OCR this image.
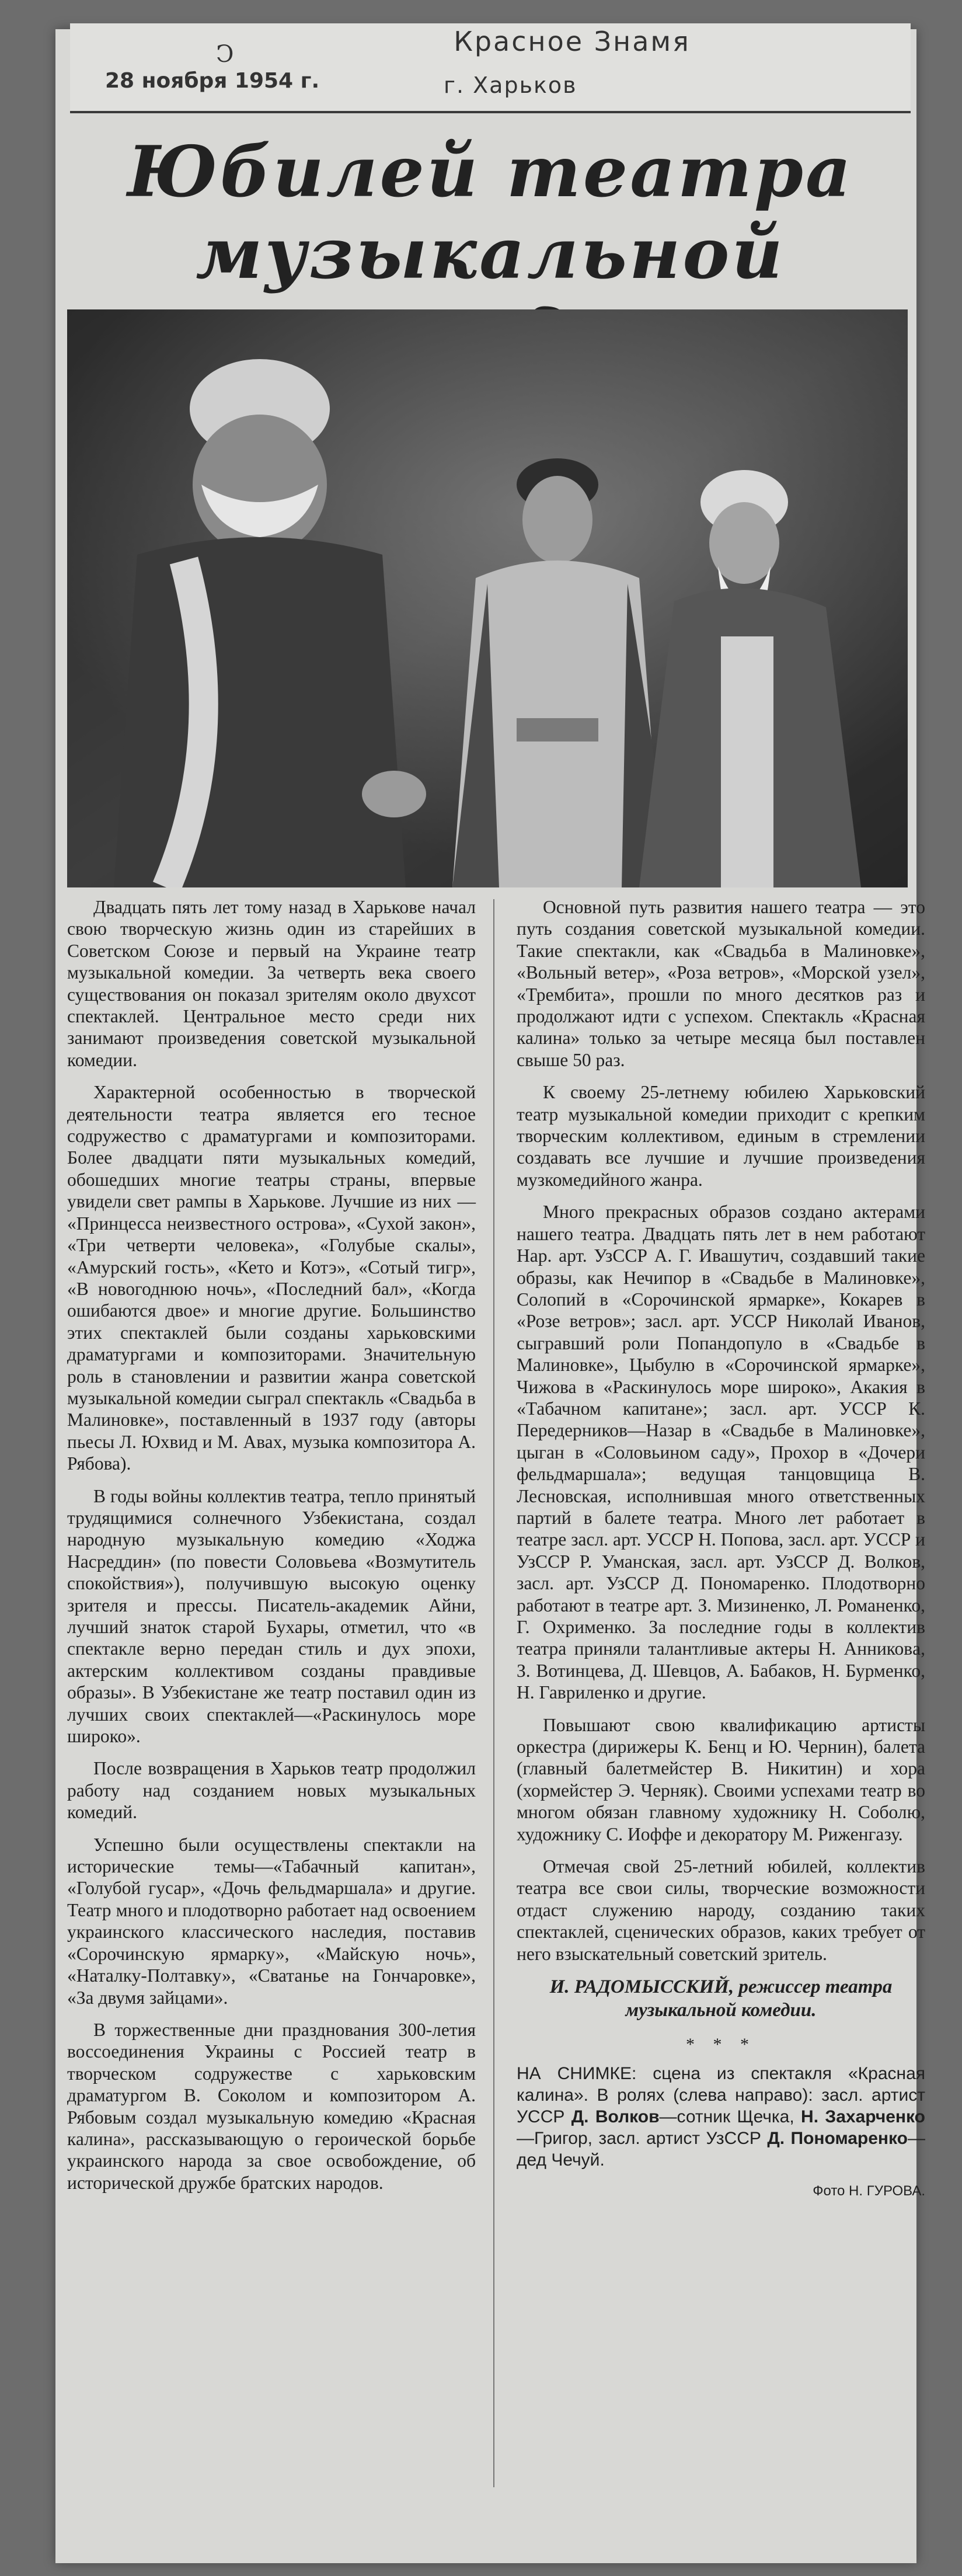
Ͻ	Красное Знамя
28 ноября 1954 г.	г. Харьков
Юбилей театра
музыкальной

Двадцать пять лет тому назад в Харькове начал свою творческую жизнь один из старейших в Советском Союзе и первый на Украине театр музыкальной комедии. За четверть века своего существования он показал зрителям около двухсот спектаклей. Центральное место среди них занимают произведения советской музыкальной комедии.

Характерной особенностью в творческой деятельности театра является его тесное содружество с драматургами и композиторами. Более двадцати пяти музыкальных комедий, обошедших многие театры страны, впервые увидели свет рампы в Харькове. Лучшие из них — «Принцесса неизвестного острова», «Сухой закон», «Три четверти человека», «Голубые скалы», «Амурский гость», «Кето и Котэ», «Сотый тигр», «В новогоднюю ночь», «Последний бал», «Когда ошибаются двое» и многие другие. Большинство этих спектаклей были созданы харьковскими драматургами и композиторами. Значительную роль в становлении и развитии жанра советской музыкальной комедии сыграл спектакль «Свадьба в Малиновке», поставленный в 1937 году (авторы пьесы Л. Юхвид и М. Авах, музыка композитора А. Рябова).

В годы войны коллектив театра, тепло принятый трудящимися солнечного Узбекистана, создал народную музыкальную комедию «Ходжа Насреддин» (по повести Соловьева «Возмутитель спокойствия»), получившую высокую оценку зрителя и прессы. Писатель-академик Айни, лучший знаток старой Бухары, отметил, что «в спектакле верно передан стиль и дух эпохи, актерским коллективом созданы правдивые образы». В Узбекистане же театр поставил один из лучших своих спектаклей—«Раскинулось море широко».

После возвращения в Харьков театр продолжил работу над созданием новых музыкальных комедий.

Успешно были осуществлены спектакли на исторические темы—«Табачный капитан», «Голубой гусар», «Дочь фельдмаршала» и другие. Театр много и плодотворно работает над освоением украинского классического наследия, поставив «Сорочинскую ярмарку», «Майскую ночь», «Наталку-Полтавку», «Сватанье на Гончаровке», «За двумя зайцами».

В торжественные дни празднования 300-летия воссоединения Украины с Россией театр в творческом содружестве с харьковским драматургом В. Соколом и композитором А. Рябовым создал музыкальную комедию «Красная калина», рассказывающую о героической борьбе украинского народа за свое освобождение, об исторической дружбе братских народов.

Основной путь развития нашего театра — это путь создания советской музыкальной комедии. Такие спектакли, как «Свадьба в Малиновке», «Вольный ветер», «Роза ветров», «Морской узел», «Трембита», прошли по много десятков раз и продолжают идти с успехом. Спектакль «Красная калина» только за четыре месяца был поставлен свыше 50 раз.

К своему 25-летнему юбилею Харьковский театр музыкальной комедии приходит с крепким творческим коллективом, единым в стремлении создавать все лучшие и лучшие произведения музкомедийного жанра.

Много прекрасных образов создано актерами нашего театра. Двадцать пять лет в нем работают Нар. арт. УзССР А. Г. Ивашутич, создавший такие образы, как Нечипор в «Свадьбе в Малиновке», Солопий в «Сорочинской ярмарке», Кокарев в «Розе ветров»; засл. арт. УССР Николай Иванов, сыгравший роли Попандопуло в «Свадьбе в Малиновке», Цыбулю в «Сорочинской ярмарке», Чижова в «Раскинулось море широко», Акакия в «Табачном капитане»; засл. арт. УССР К. Передерников—Назар в «Свадьбе в Малиновке», цыган в «Соловьином саду», Прохор в «Дочери фельдмаршала»; ведущая танцовщица В. Лесновская, исполнившая много ответственных партий в балете театра. Много лет работает в театре засл. арт. УССР Н. Попова, засл. арт. УССР и УзССР Р. Уманская, засл. арт. УзССР Д. Волков, засл. арт. УзССР Д. Пономаренко. Плодотворно работают в театре арт. З. Мизиненко, Л. Романенко, Г. Охрименко. За последние годы в коллектив театра приняли талантливые актеры Н. Анниковa, З. Вотинцева, Д. Шевцов, А. Бабаков, Н. Бурменко, Н. Гавриленко и другие.

Повышают свою квалификацию артисты оркестра (дирижеры К. Бенц и Ю. Чернин), балета (главный балетмейстер В. Никитин) и хора (хормейстер Э. Черняк). Своими успехами театр во многом обязан главному художнику Н. Соболю, художнику С. Иоффе и декоратору М. Риженгазу.

Отмечая свой 25-летний юбилей, коллектив театра все свои силы, творческие возможности отдаст служению народу, созданию таких спектаклей, сценических образов, каких требует от него взыскательный советский зритель.

И. РАДОМЫССКИЙ, режиссер театра музыкальной комедии.
* * *
НА СНИМКЕ: сцена из спектакля «Красная калина». В ролях (слева направо): засл. артист УССР Д. Волков—сотник Щечка, Н. Захарченко—Григор, засл. артист УзССР Д. Пономаренко—дед Чечуй.
Фото Н. ГУРОВА.
